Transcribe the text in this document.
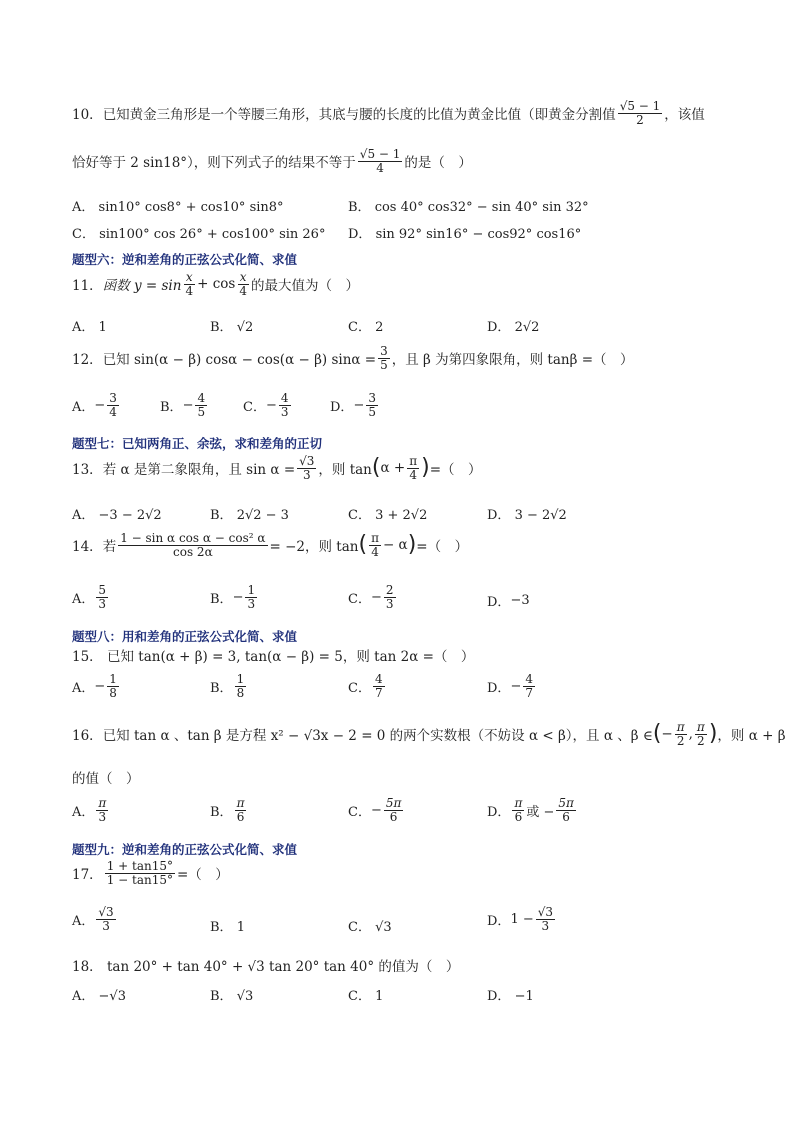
10． 已知黄金三角形是一个等腰三角形，其底与腰的长度的比值为黄金比值（即黄金分割值 $\frac{√5 - 1}{2}$ ，该值
恰好等于 2 sin18°），则下列式子的结果不等于 $\frac{√5 - 1}{4}$ 的是（　）
A． sin10° cos8° + cos10° sin8°	B． cos 40° cos32° − sin 40° sin 32°
C． sin100° cos 26° + cos100° sin 26° D． sin 92° sin16° − cos92° cos16°
题型六：逆和差角的正弦公式化简、求值
11． 函数 $y = \sin \frac{x}{4} + \cos \frac{x}{4}$ 的最大值为（　）
A． 1	B． √2	C． 2	D． 2√2
12． 已知 sin(α − β) cosα − cos(α − β) $\sin\alpha = \frac{3}{5}$ ，且 β 为第四象限角，则 tanβ =（　）
A． − $\frac{3}{4}$	B． − $\frac{4}{5}$	C． − $\frac{4}{3}$	D． − $\frac{3}{5}$
题型七：已知两角正、余弦，求和差角的正切
13． 若 α 是第二象限角，且 $\sin \alpha = \frac{√3}{3}$ ，则 tan ( $\alpha + \frac{\pi}{4}$ ) =（　）
A． −3 − 2√2	B． 2√2 − 3	C． 3 + 2√2	D． 3 − 2√2
14． 若 $\frac{\text{1 − sin α cos α − cos² α}}{\cos 2\alpha} = -2$，则 tan ( $\frac{\pi}{4} - \alpha$ ) =（　）
A． $\frac{5}{3}$	B． − $\frac{1}{3}$	C． − $\frac{2}{3}$	D． −3
题型八：用和差角的正弦公式化简、求值
15． 已知 tan(α + β) = 3, tan(α − β) = 5，则 tan 2α =（　）
A． − $\frac{1}{8}$	B． $\frac{1}{8}$	C． $\frac{4}{7}$	D． − $\frac{4}{7}$
16． 已知 tan α 、tan β 是方程 x² − √3x − 2 = 0 的两个实数根（不妨设 α < β），且 α 、β ∈ ( − $\frac{\pi}{2}$ , $\frac{\pi}{2}$ ) ，则 α + β
的值（　）
A． $\frac{\pi}{3}$	B． $\frac{\pi}{6}$	C． − $\frac{5\pi}{6}$	D． $\frac{\pi}{6}$ 或 − $\frac{5\pi}{6}$
题型九：逆和差角的正弦公式化简、求值
17． $\frac{1 + \tan 15^\circ}{1 - \tan 15^\circ}$ =（　）
A． $\frac{√3}{3}$	B． 1	C． √3	D． $1 - \frac{√3}{3}$
18． tan 20° + tan 40° + √3 tan 20° tan 40° 的值为（　）
A． −√3	B． √3	C． 1	D． −1
